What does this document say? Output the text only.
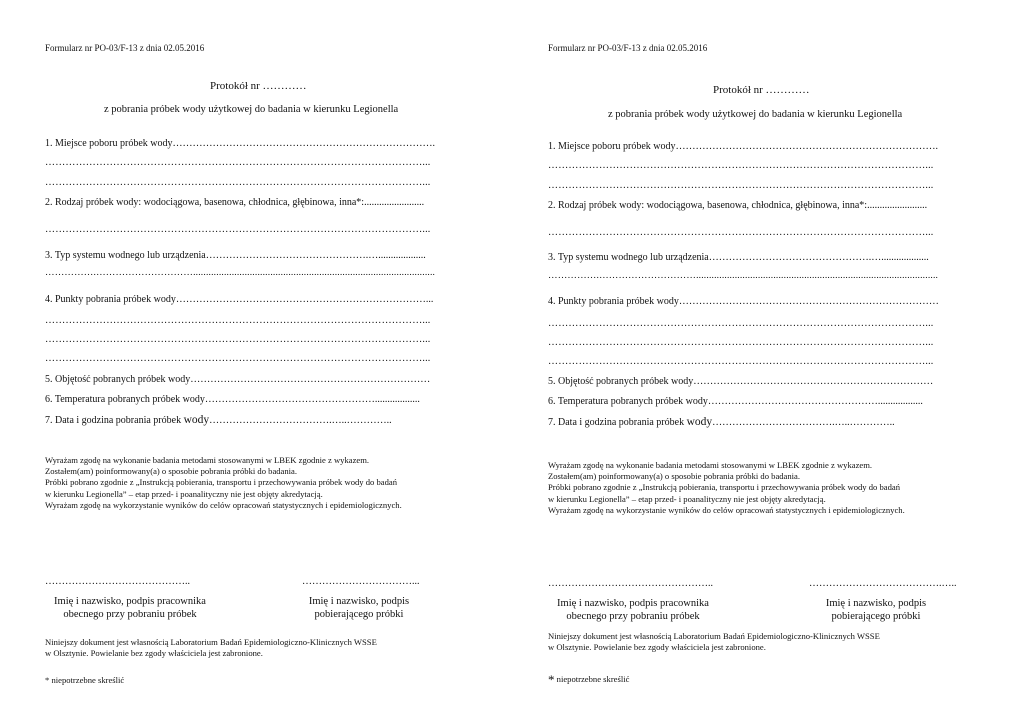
Formularz nr PO-03/F-13 z dnia 02.05.2016
Protokół nr …………
z pobrania próbek wody użytkowej do badania w kierunku Legionella
1. Miejsce poboru próbek wody…………………………………………………………………….
…………………………………………………………………………………………………...
…………………………………………………………………………………………………...
2. Rodzaj próbek wody: wodociągowa, basenowa, chłodnica, głębinowa, inna*:........................
…………………………………………………………………………………………………...
3. Typ systemu wodnego lub urządzenia………………………………………….…...................
…………….…………………………..............................................................................................
4. Punkty pobrania próbek wody…………………………………………………………………...
…………………………………………………………………………………………………...
…………………………………………………………………………………………………...
…………………………………………………………………………………………………...
5. Objętość pobranych próbek wody………………………………………………………………
6. Temperatura pobranych próbek wody……………………………………………..................
7. Data i godzina pobrania próbek wody……………………………….…..…………..
Wyrażam zgodę na wykonanie badania metodami stosowanymi w LBEK zgodnie z wykazem.
Zostałem(am) poinformowany(a) o sposobie pobrania próbki do badania.
Próbki pobrano zgodnie z „Instrukcją pobierania, transportu i przechowywania próbek wody do badań
w kierunku Legionella” – etap przed- i poanalityczny nie jest objęty akredytacją.
Wyrażam zgodę na wykorzystanie wyników do celów opracowań statystycznych i epidemiologicznych.
……………………………………..	……………………………...
Imię i nazwisko, podpis pracownika obecnego przy pobraniu próbek
Imię i nazwisko, podpis pobierającego próbki
Niniejszy dokument jest własnością Laboratorium Badań Epidemiologiczno-Klinicznych WSSE
w Olsztynie. Powielanie bez zgody właściciela jest zabronione.
* niepotrzebne skreślić
Formularz nr PO-03/F-13 z dnia 02.05.2016
Protokół nr …………
z pobrania próbek wody użytkowej do badania w kierunku Legionella
1. Miejsce poboru próbek wody…………………………………………………………………….
…………………………………………………………………………………………………...
…………………………………………………………………………………………………...
2. Rodzaj próbek wody: wodociągowa, basenowa, chłodnica, głębinowa, inna*:........................
…………………………………………………………………………………………………...
3. Typ systemu wodnego lub urządzenia………………………………………….…...................
…………….…………………………..............................................................................................
4. Punkty pobrania próbek wody……………………………………………………………………
…………………………………………………………………………………………………...
…………………………………………………………………………………………………...
…………………………………………………………………………………………………...
5. Objętość pobranych próbek wody………………………………………………………………
6. Temperatura pobranych próbek wody……………………………………………..................
7. Data i godzina pobrania próbek wody……………………………….…..…………..
Wyrażam zgodę na wykonanie badania metodami stosowanymi w LBEK zgodnie z wykazem.
Zostałem(am) poinformowany(a) o sposobie pobrania próbki do badania.
Próbki pobrano zgodnie z „Instrukcją pobierania, transportu i przechowywania próbek wody do badań
w kierunku Legionella” – etap przed- i poanalityczny nie jest objęty akredytacją.
Wyrażam zgodę na wykorzystanie wyników do celów opracowań statystycznych i epidemiologicznych.
…………………………………………..	………………………………….…..
Imię i nazwisko, podpis pracownika obecnego przy pobraniu próbek
Imię i nazwisko, podpis pobierającego próbki
Niniejszy dokument jest własnością Laboratorium Badań Epidemiologiczno-Klinicznych WSSE
w Olsztynie. Powielanie bez zgody właściciela jest zabronione.
* niepotrzebne skreślić
